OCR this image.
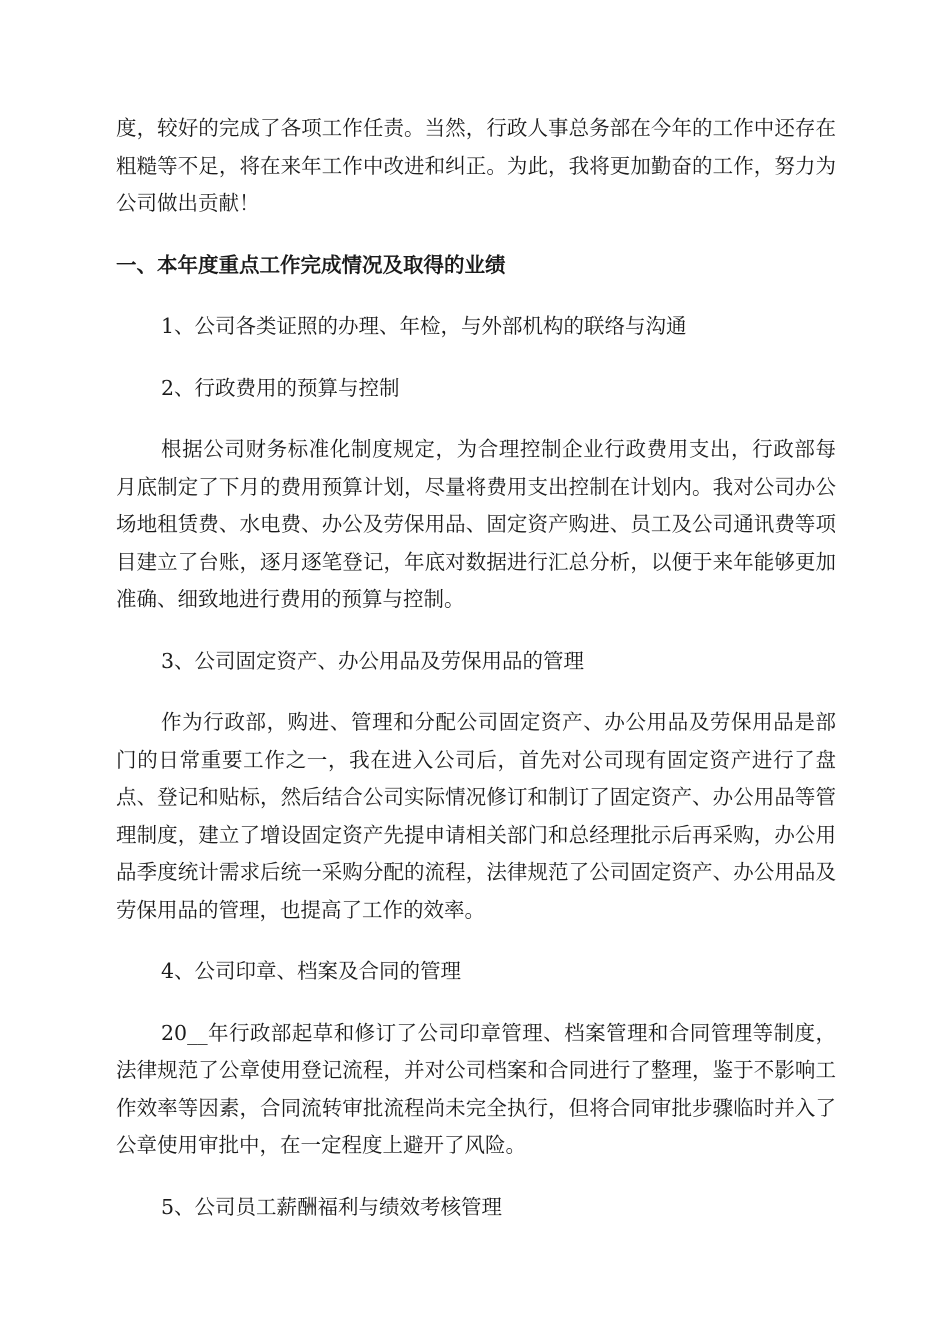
度，较好的完成了各项工作任责。当然，行政人事总务部在今年的工作中还存在粗糙等不足，将在来年工作中改进和纠正。为此，我将更加勤奋的工作，努力为公司做出贡献！

一、本年度重点工作完成情况及取得的业绩

1、公司各类证照的办理、年检，与外部机构的联络与沟通

2、行政费用的预算与控制

根据公司财务标准化制度规定，为合理控制企业行政费用支出，行政部每月底制定了下月的费用预算计划，尽量将费用支出控制在计划内。我对公司办公场地租赁费、水电费、办公及劳保用品、固定资产购进、员工及公司通讯费等项目建立了台账，逐月逐笔登记，年底对数据进行汇总分析，以便于来年能够更加准确、细致地进行费用的预算与控制。

3、公司固定资产、办公用品及劳保用品的管理

作为行政部，购进、管理和分配公司固定资产、办公用品及劳保用品是部门的日常重要工作之一，我在进入公司后，首先对公司现有固定资产进行了盘点、登记和贴标，然后结合公司实际情况修订和制订了固定资产、办公用品等管理制度，建立了增设固定资产先提申请相关部门和总经理批示后再采购，办公用品季度统计需求后统一采购分配的流程，法律规范了公司固定资产、办公用品及劳保用品的管理，也提高了工作的效率。

4、公司印章、档案及合同的管理

20__年行政部起草和修订了公司印章管理、档案管理和合同管理等制度，法律规范了公章使用登记流程，并对公司档案和合同进行了整理，鉴于不影响工作效率等因素，合同流转审批流程尚未完全执行，但将合同审批步骤临时并入了公章使用审批中，在一定程度上避开了风险。

5、公司员工薪酬福利与绩效考核管理
